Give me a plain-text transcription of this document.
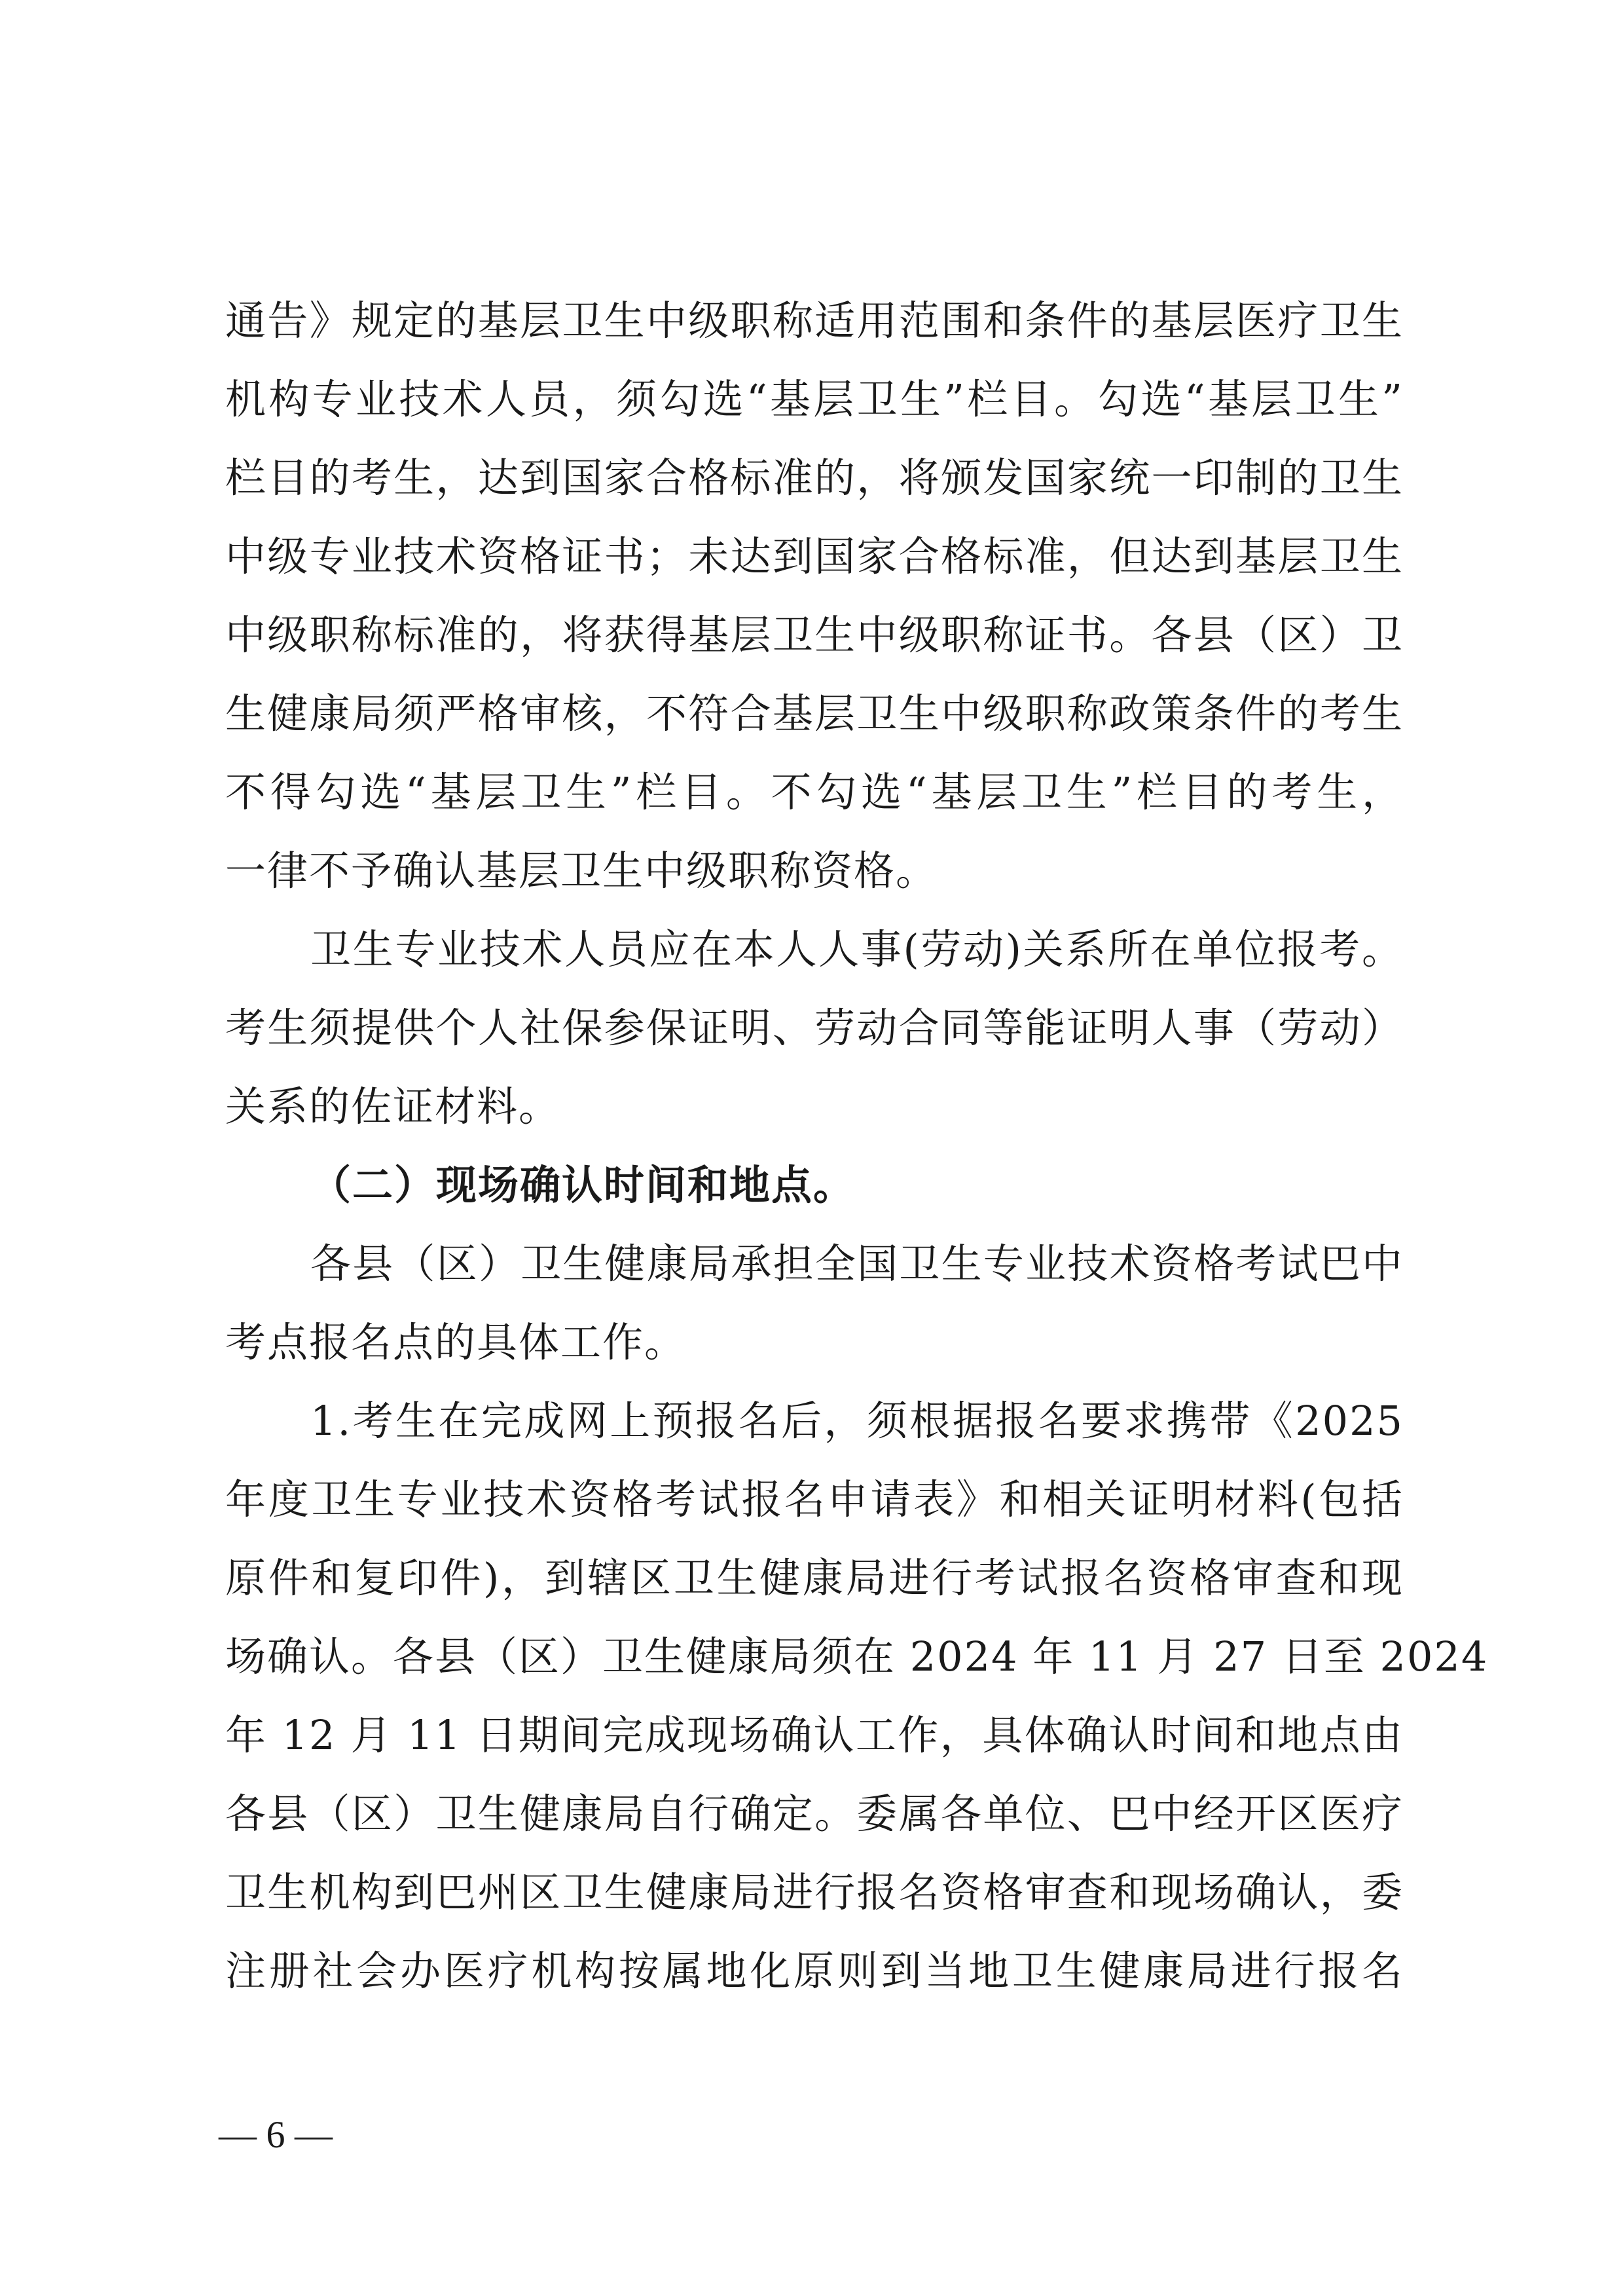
通告》规定的基层卫生中级职称适用范围和条件的基层医疗卫生
机构专业技术人员，须勾选“基层卫生”栏目。勾选“基层卫生”
栏目的考生，达到国家合格标准的，将颁发国家统一印制的卫生
中级专业技术资格证书；未达到国家合格标准，但达到基层卫生
中级职称标准的，将获得基层卫生中级职称证书。各县（区）卫
生健康局须严格审核，不符合基层卫生中级职称政策条件的考生
不得勾选“基层卫生”栏目。不勾选“基层卫生”栏目的考生，
一律不予确认基层卫生中级职称资格。
卫生专业技术人员应在本人人事(劳动)关系所在单位报考。
考生须提供个人社保参保证明、劳动合同等能证明人事（劳动）
关系的佐证材料。
（二）现场确认时间和地点。
各县（区）卫生健康局承担全国卫生专业技术资格考试巴中
考点报名点的具体工作。
1.考生在完成网上预报名后，须根据报名要求携带《2025
年度卫生专业技术资格考试报名申请表》和相关证明材料(包括
原件和复印件)，到辖区卫生健康局进行考试报名资格审查和现
场确认。各县（区）卫生健康局须在 2024 年 11 月 27 日至 2024
年 12 月 11 日期间完成现场确认工作，具体确认时间和地点由
各县（区）卫生健康局自行确定。委属各单位、巴中经开区医疗
卫生机构到巴州区卫生健康局进行报名资格审查和现场确认，委
注册社会办医疗机构按属地化原则到当地卫生健康局进行报名
— 6 —
